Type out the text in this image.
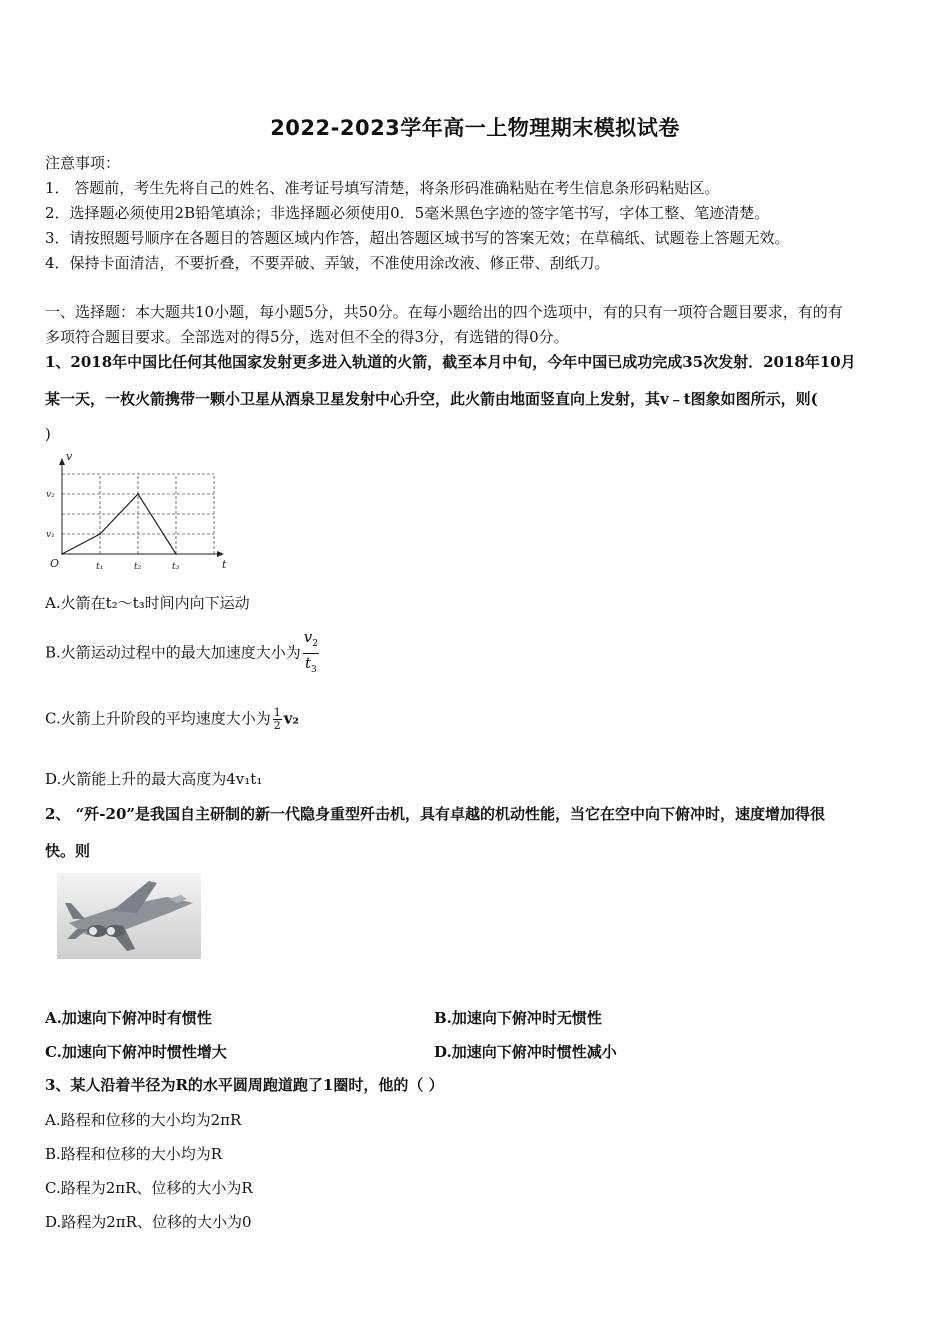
2022-2023学年高一上物理期末模拟试卷
注意事项：
1． 答题前，考生先将自己的姓名、准考证号填写清楚，将条形码准确粘贴在考生信息条形码粘贴区。
2．选择题必须使用2B铅笔填涂；非选择题必须使用0．5毫米黑色字迹的签字笔书写，字体工整、笔迹清楚。
3．请按照题号顺序在各题目的答题区域内作答，超出答题区域书写的答案无效；在草稿纸、试题卷上答题无效。
4．保持卡面清洁，不要折叠，不要弄破、弄皱，不准使用涂改液、修正带、刮纸刀。
一、选择题：本大题共10小题，每小题5分，共50分。在每小题给出的四个选项中，有的只有一项符合题目要求，有的有
多项符合题目要求。全部选对的得5分，选对但不全的得3分，有选错的得0分。
1、2018年中国比任何其他国家发射更多进入轨道的火箭，截至本月中旬，今年中国已成功完成35次发射．2018年10月
某一天，一枚火箭携带一颗小卫星从酒泉卫星发射中心升空，此火箭由地面竖直向上发射，其v﹣t图象如图所示，则(
)
t
v
O	t₁	t₂	t₃
v₁
v₂
A.火箭在t₂～t₃时间内向下运动
B.火箭运动过程中的最大加速度大小为 $\frac{v_2}{t_3}$
C.火箭上升阶段的平均速度大小为 $\frac{1}{2} v_2$
D.火箭能上升的最大高度为4v₁t₁
2、 “歼-20”是我国自主研制的新一代隐身重型歼击机，具有卓越的机动性能，当它在空中向下俯冲时，速度增加得很
快。则
A.加速向下俯冲时有惯性	B.加速向下俯冲时无惯性
C.加速向下俯冲时惯性增大	D.加速向下俯冲时惯性减小
3、某人沿着半径为R的水平圆周跑道跑了1圈时，他的（ ）
A.路程和位移的大小均为2πR
B.路程和位移的大小均为R
C.路程为2πR、位移的大小为R
D.路程为2πR、位移的大小为0
